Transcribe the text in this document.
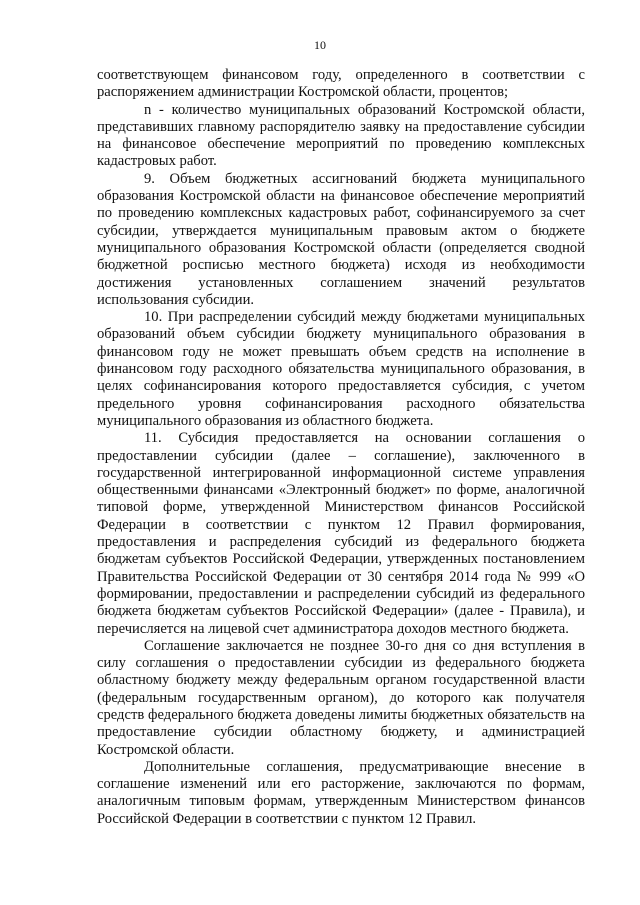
10

соответствующем финансовом году, определенного в соответствии с распоряжением администрации Костромской области, процентов;

n - количество муниципальных образований Костромской области, представивших главному распорядителю заявку на предоставление субсидии на финансовое обеспечение мероприятий по проведению комплексных кадастровых работ.

9. Объем бюджетных ассигнований бюджета муниципального образования Костромской области на финансовое обеспечение мероприятий по проведению комплексных кадастровых работ, софинансируемого за счет субсидии, утверждается муниципальным правовым актом о бюджете муниципального образования Костромской области (определяется сводной бюджетной росписью местного бюджета) исходя из необходимости достижения установленных соглашением значений результатов использования субсидии.

10. При распределении субсидий между бюджетами муниципальных образований объем субсидии бюджету муниципального образования в финансовом году не может превышать объем средств на исполнение в финансовом году расходного обязательства муниципального образования, в целях софинансирования которого предоставляется субсидия, с учетом предельного уровня софинансирования расходного обязательства муниципального образования из областного бюджета.

11. Субсидия предоставляется на основании соглашения о предоставлении субсидии (далее – соглашение), заключенного в государственной интегрированной информационной системе управления общественными финансами «Электронный бюджет» по форме, аналогичной типовой форме, утвержденной Министерством финансов Российской Федерации в соответствии с пунктом 12 Правил формирования, предоставления и распределения субсидий из федерального бюджета бюджетам субъектов Российской Федерации, утвержденных постановлением Правительства Российской Федерации от 30 сентября 2014 года № 999 «О формировании, предоставлении и распределении субсидий из федерального бюджета бюджетам субъектов Российской Федерации» (далее - Правила), и перечисляется на лицевой счет администратора доходов местного бюджета.

Соглашение заключается не позднее 30-го дня со дня вступления в силу соглашения о предоставлении субсидии из федерального бюджета областному бюджету между федеральным органом государственной власти (федеральным государственным органом), до которого как получателя средств федерального бюджета доведены лимиты бюджетных обязательств на предоставление субсидии областному бюджету, и администрацией Костромской области.

Дополнительные соглашения, предусматривающие внесение в соглашение изменений или его расторжение, заключаются по формам, аналогичным типовым формам, утвержденным Министерством финансов Российской Федерации в соответствии с пунктом 12 Правил.
